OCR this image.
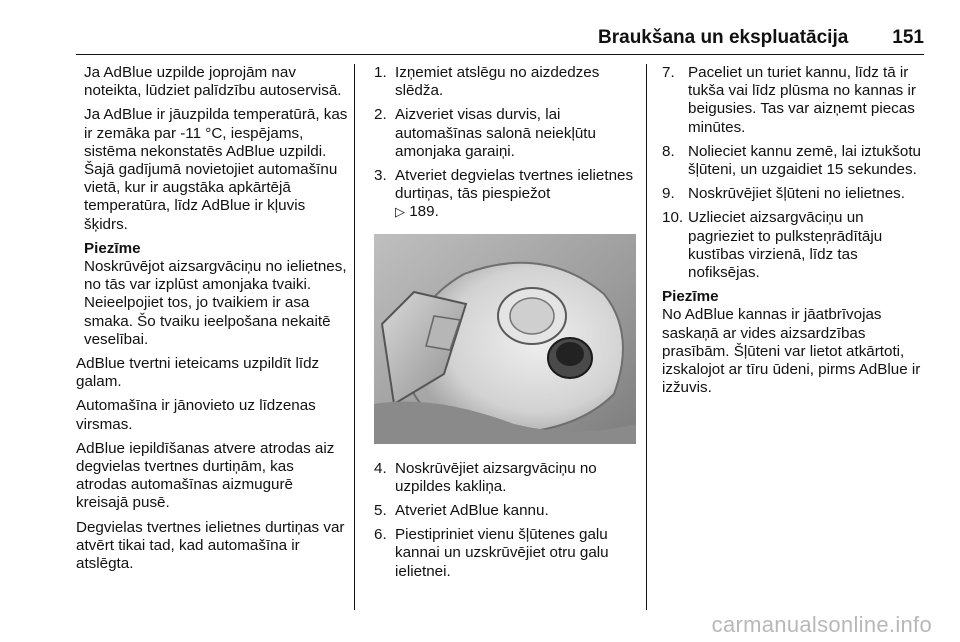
Braukšana un ekspluatācija 151

Ja AdBlue uzpilde joprojām nav noteikta, lūdziet palīdzību autoservisā.

Ja AdBlue ir jāuzpilda temperatūrā, kas ir zemāka par -11 °C, iespējams, sistēma nekonstatēs AdBlue uzpildi. Šajā gadījumā novietojiet automašīnu vietā, kur ir augstāka apkārtējā temperatūra, līdz AdBlue ir kļuvis šķidrs.

Piezīme

Noskrūvējot aizsargvāciņu no ielietnes, no tās var izplūst amonjaka tvaiki. Neieelpojiet tos, jo tvaikiem ir asa smaka. Šo tvaiku ieelpošana nekaitē veselībai.

AdBlue tvertni ieteicams uzpildīt līdz galam.

Automašīna ir jānovieto uz līdzenas virsmas.

AdBlue iepildīšanas atvere atrodas aiz degvielas tvertnes durtiņām, kas atrodas automašīnas aizmugurē kreisajā pusē.

Degvielas tvertnes ielietnes durtiņas var atvērt tikai tad, kad automašīna ir atslēgta.

1. Izņemiet atslēgu no aizdedzes slēdža.
2. Aizveriet visas durvis, lai automašīnas salonā neiekļūtu amonjaka garaiņi.
3. Atveriet degvielas tvertnes ielietnes durtiņas, tās piespiežot
▷ 189.
4. Noskrūvējiet aizsargvāciņu no uzpildes kakliņa.
5. Atveriet AdBlue kannu.
6. Piestipriniet vienu šļūtenes galu kannai un uzskrūvējiet otru galu ielietnei.
7. Paceliet un turiet kannu, līdz tā ir tukša vai līdz plūsma no kannas ir beigusies. Tas var aizņemt piecas minūtes.
8. Nolieciet kannu zemē, lai iztukšotu šļūteni, un uzgaidiet 15 sekundes.
9. Noskrūvējiet šļūteni no ielietnes.
10. Uzlieciet aizsargvāciņu un pagrieziet to pulksteņrādītāju kustības virzienā, līdz tas nofiksējas.

Piezīme

No AdBlue kannas ir jāatbrīvojas saskaņā ar vides aizsardzības prasībām. Šļūteni var lietot atkārtoti, izskalojot ar tīru ūdeni, pirms AdBlue ir izžuvis.

carmanualsonline.info
